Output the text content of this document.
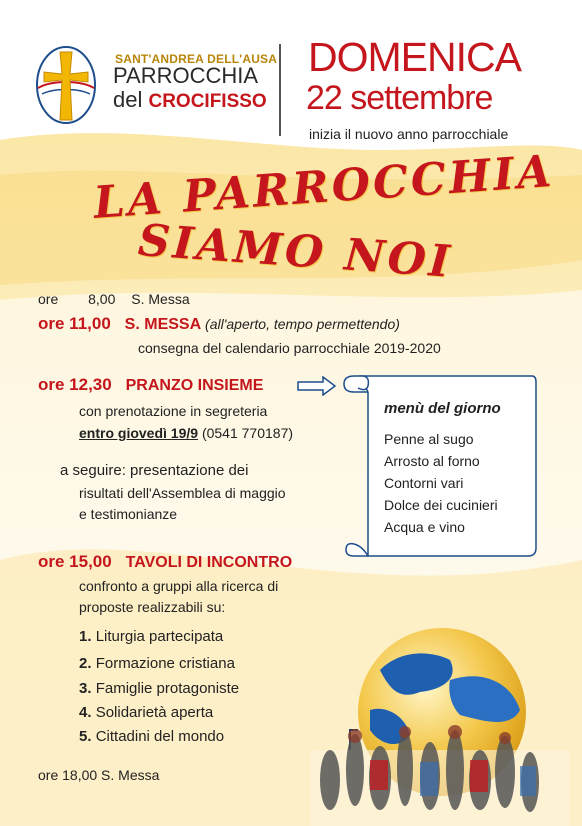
SANT'ANDREA DELL'AUSA
PARROCCHIA
del CROCIFISSO
DOMENICA
22 settembre
inizia il nuovo anno parrocchiale
LA PARROCCHIA
SIAMO NOI
ore 8,00 S. Messa
ore 11,00 S. MESSA (all'aperto, tempo permettendo)
consegna del calendario parrocchiale 2019-2020
ore 12,30 PRANZO INSIEME
con prenotazione in segreteria
entro giovedì 19/9 (0541 770187)
a seguire: presentazione dei
risultati dell'Assemblea di maggio
e testimonianze
ore 15,00 TAVOLI DI INCONTRO
confronto a gruppi alla ricerca di
proposte realizzabili su:
1. Liturgia partecipata
2. Formazione cristiana
3. Famiglie protagoniste
4. Solidarietà aperta
5. Cittadini del mondo
ore 18,00 S. Messa
menù del giorno
Penne al sugo
Arrosto al forno
Contorni vari
Dolce dei cucinieri
Acqua e vino
